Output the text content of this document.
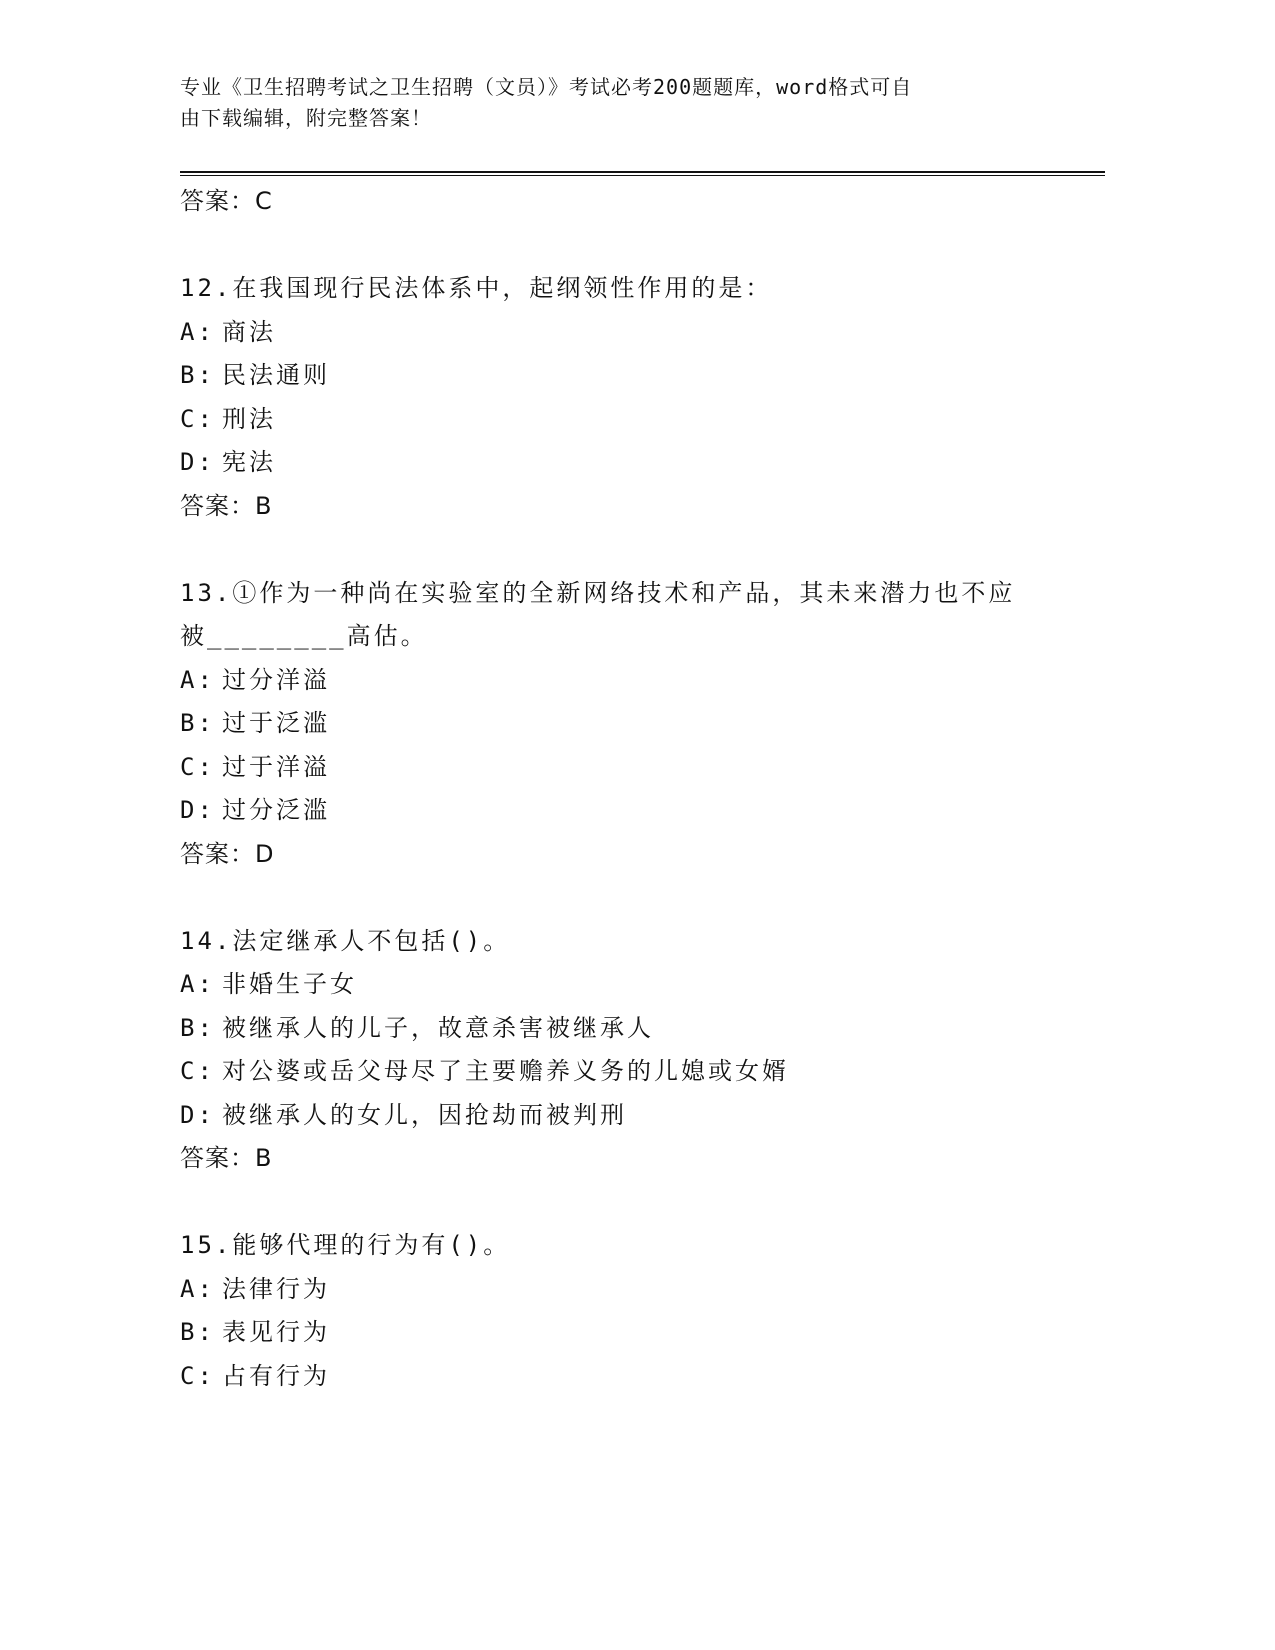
专业《卫生招聘考试之卫生招聘（文员）》考试必考200题题库，word格式可自
由下载编辑，附完整答案！
答案：C
12.在我国现行民法体系中，起纲领性作用的是：
A: 商法
B: 民法通则
C: 刑法
D: 宪法
答案：B
13.①作为一种尚在实验室的全新网络技术和产品，其未来潜力也不应
被________高估。
A: 过分洋溢
B: 过于泛滥
C: 过于洋溢
D: 过分泛滥
答案：D
14.法定继承人不包括()。
A: 非婚生子女
B: 被继承人的儿子，故意杀害被继承人
C: 对公婆或岳父母尽了主要赡养义务的儿媳或女婿
D: 被继承人的女儿，因抢劫而被判刑
答案：B
15.能够代理的行为有()。
A: 法律行为
B: 表见行为
C: 占有行为
